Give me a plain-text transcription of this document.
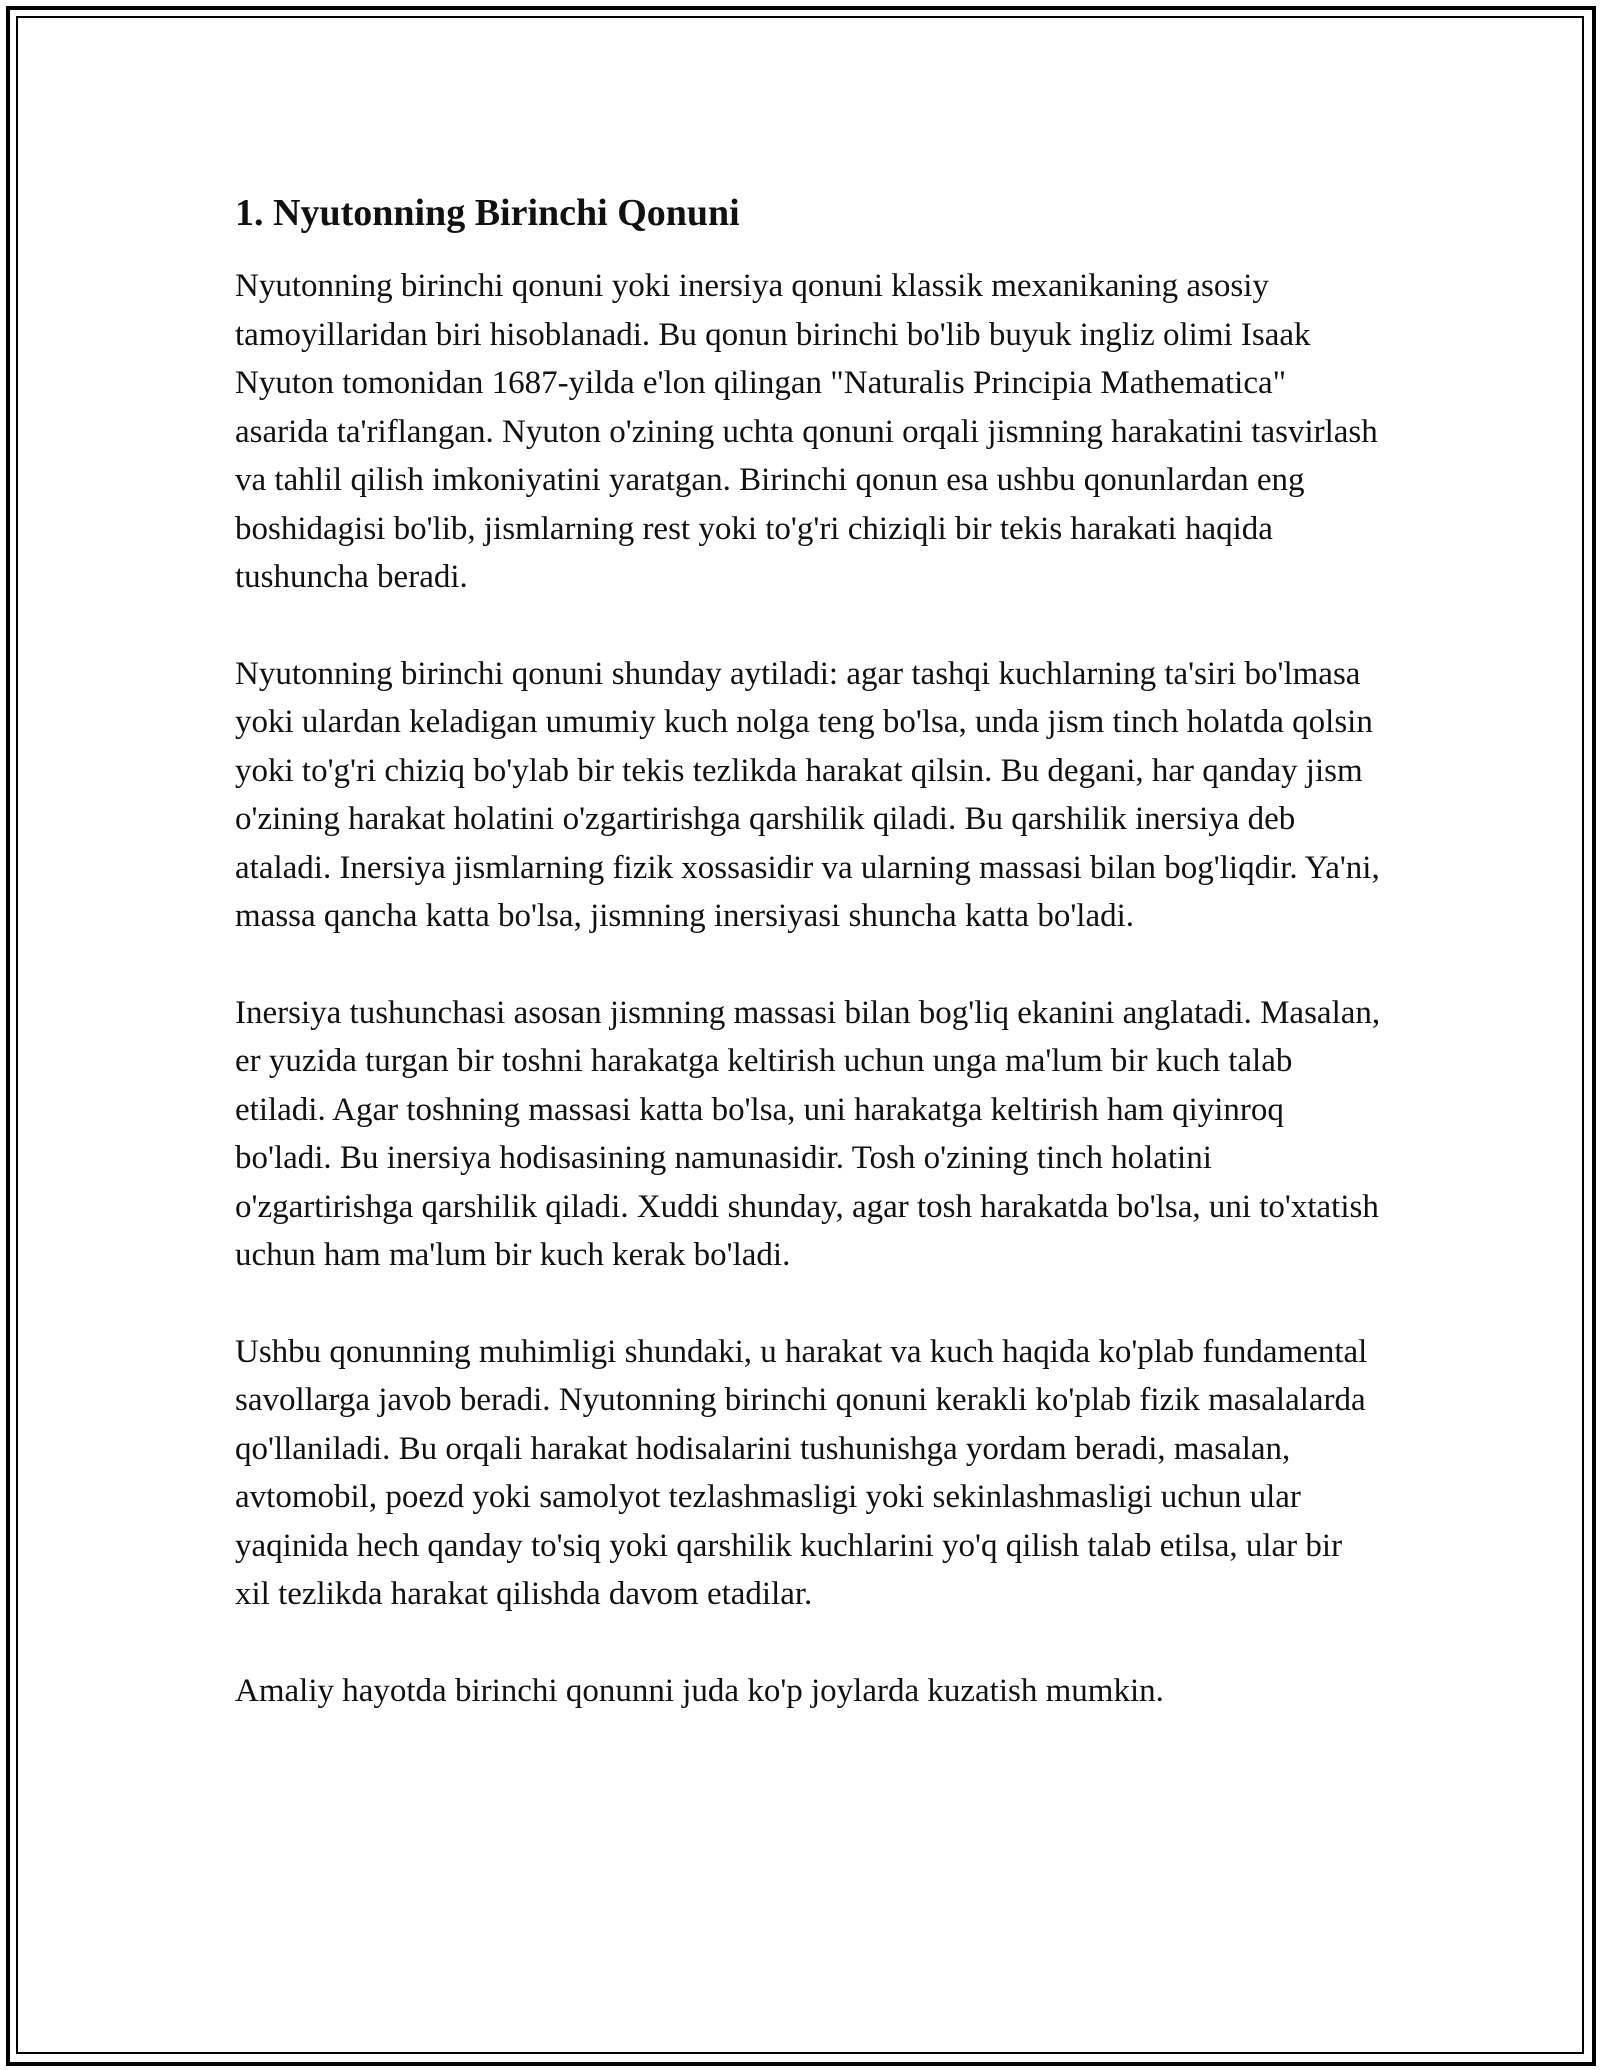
1. Nyutonning Birinchi Qonuni

Nyutonning birinchi qonuni yoki inersiya qonuni klassik mexanikaning asosiy tamoyillaridan biri hisoblanadi. Bu qonun birinchi bo'lib buyuk ingliz olimi Isaak Nyuton tomonidan 1687-yilda e'lon qilingan "Naturalis Principia Mathematica" asarida ta'riflangan. Nyuton o'zining uchta qonuni orqali jismning harakatini tasvirlash va tahlil qilish imkoniyatini yaratgan. Birinchi qonun esa ushbu qonunlardan eng boshidagisi bo'lib, jismlarning rest yoki to'g'ri chiziqli bir tekis harakati haqida tushuncha beradi.

Nyutonning birinchi qonuni shunday aytiladi: agar tashqi kuchlarning ta'siri bo'lmasa yoki ulardan keladigan umumiy kuch nolga teng bo'lsa, unda jism tinch holatda qolsin yoki to'g'ri chiziq bo'ylab bir tekis tezlikda harakat qilsin. Bu degani, har qanday jism o'zining harakat holatini o'zgartirishga qarshilik qiladi. Bu qarshilik inersiya deb ataladi. Inersiya jismlarning fizik xossasidir va ularning massasi bilan bog'liqdir. Ya'ni, massa qancha katta bo'lsa, jismning inersiyasi shuncha katta bo'ladi.

Inersiya tushunchasi asosan jismning massasi bilan bog'liq ekanini anglatadi. Masalan, er yuzida turgan bir toshni harakatga keltirish uchun unga ma'lum bir kuch talab etiladi. Agar toshning massasi katta bo'lsa, uni harakatga keltirish ham qiyinroq bo'ladi. Bu inersiya hodisasining namunasidir. Tosh o'zining tinch holatini o'zgartirishga qarshilik qiladi. Xuddi shunday, agar tosh harakatda bo'lsa, uni to'xtatish uchun ham ma'lum bir kuch kerak bo'ladi.

Ushbu qonunning muhimligi shundaki, u harakat va kuch haqida ko'plab fundamental savollarga javob beradi. Nyutonning birinchi qonuni kerakli ko'plab fizik masalalarda qo'llaniladi. Bu orqali harakat hodisalarini tushunishga yordam beradi, masalan, avtomobil, poezd yoki samolyot tezlashmasligi yoki sekinlashmasligi uchun ular yaqinida hech qanday to'siq yoki qarshilik kuchlarini yo'q qilish talab etilsa, ular bir xil tezlikda harakat qilishda davom etadilar.

Amaliy hayotda birinchi qonunni juda ko'p joylarda kuzatish mumkin.
